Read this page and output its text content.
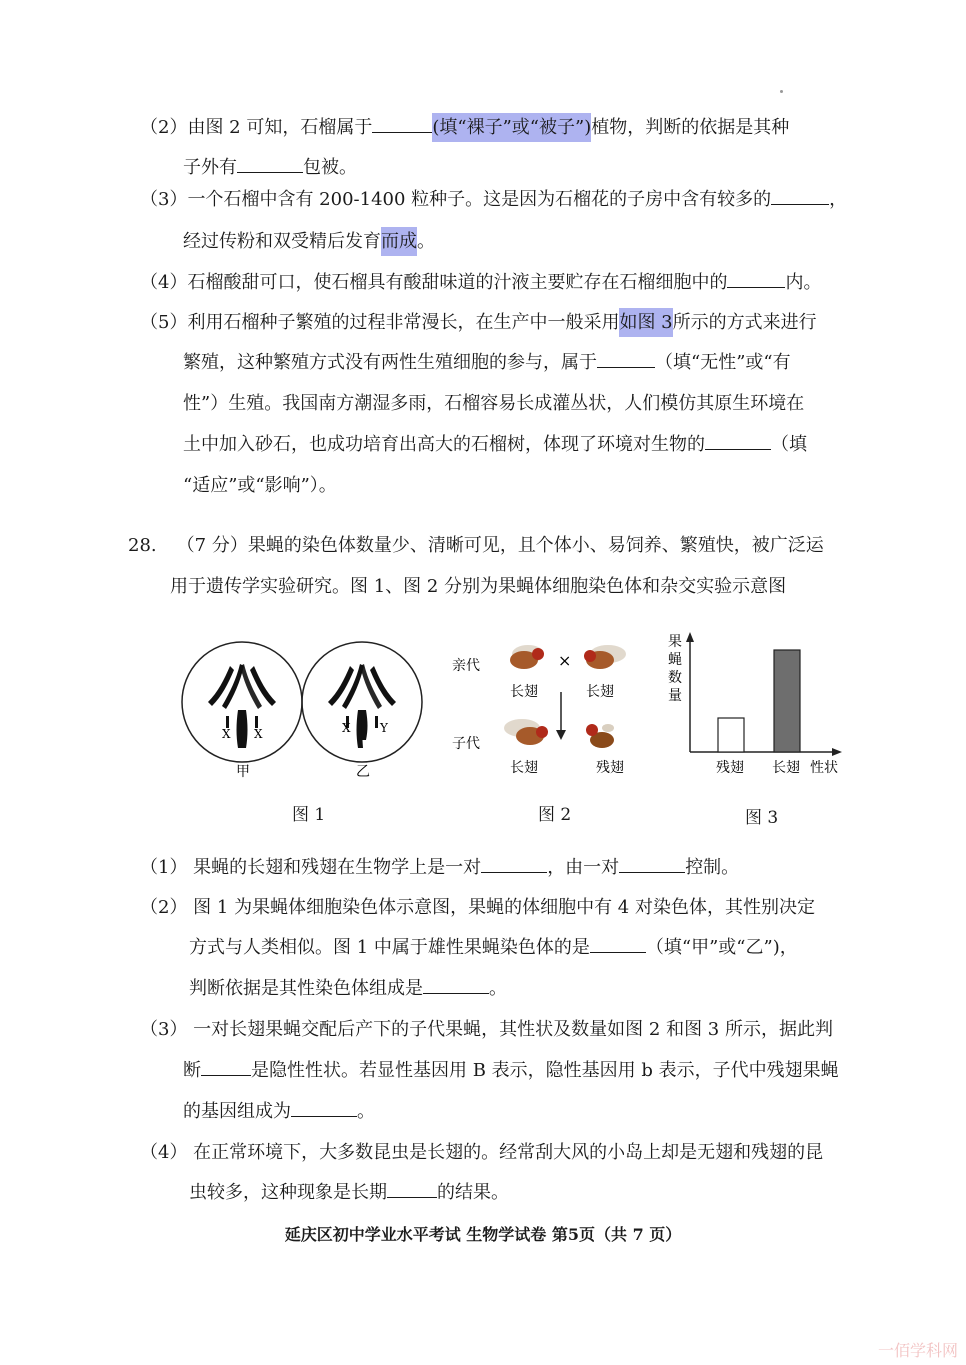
（2）由图 2 可知，石榴属于	(填“裸子”或“被子”)植物，判断的依据是其种
子外有	包被。
（3）一个石榴中含有 200-1400 粒种子。这是因为石榴花的子房中含有较多的	，
经过传粉和双受精后发育而成。
（4）石榴酸甜可口，使石榴具有酸甜味道的汁液主要贮存在石榴细胞中的	内。
（5）利用石榴种子繁殖的过程非常漫长，在生产中一般采用如图 3所示的方式来进行
繁殖，这种繁殖方式没有两性生殖细胞的参与，属于	（填“无性”或“有
性”）生殖。我国南方潮湿多雨，石榴容易长成灌丛状，人们模仿其原生环境在
土中加入砂石，也成功培育出高大的石榴树，体现了环境对生物的	（填
“适应”或“影响”）。
28. （7 分）果蝇的染色体数量少、清晰可见，且个体小、易饲养、繁殖快，被广泛运
用于遗传学实验研究。图 1、图 2 分别为果蝇体细胞染色体和杂交实验示意图
X X	X Y
甲	乙
图 1
亲代
子代
×
长翅	长翅
长翅	残翅
图 2
果
蝇
数
量
性状
残翅 长翅
图 3
（1） 果蝇的长翅和残翅在生物学上是一对	，由一对	控制。
（2） 图 1 为果蝇体细胞染色体示意图，果蝇的体细胞中有 4 对染色体，其性别决定
方式与人类相似。图 1 中属于雄性果蝇染色体的是	（填“甲”或“乙”)，
判断依据是其性染色体组成是	。
（3） 一对长翅果蝇交配后产下的子代果蝇，其性状及数量如图 2 和图 3 所示，据此判
断	是隐性性状。若显性基因用 B 表示，隐性基因用 b 表示，子代中残翅果蝇
的基因组成为	。
（4） 在正常环境下，大多数昆虫是长翅的。经常刮大风的小岛上却是无翅和残翅的昆
虫较多，这种现象是长期	的结果。
延庆区初中学业水平考试 生物学试卷 第5页（共 7 页）
一佰学科网
